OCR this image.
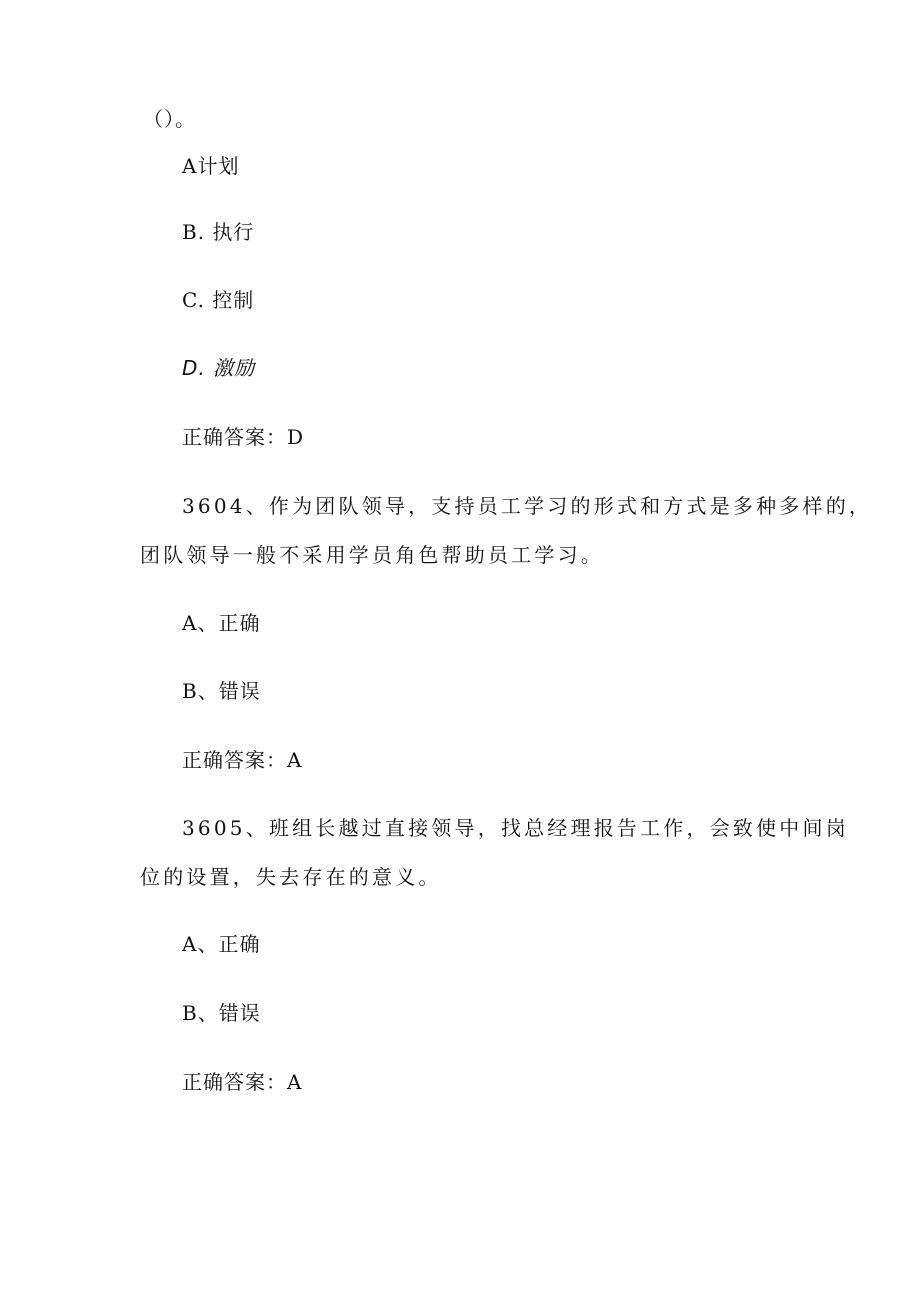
（）。
A计划
B. 执行
C. 控制
D. 激励
正确答案：D
3604、作为团队领导，支持员工学习的形式和方式是多种多样的，
团队领导一般不采用学员角色帮助员工学习。
A、正确
B、错误
正确答案：A
3605、班组长越过直接领导，找总经理报告工作，会致使中间岗
位的设置，失去存在的意义。
A、正确
B、错误
正确答案：A
